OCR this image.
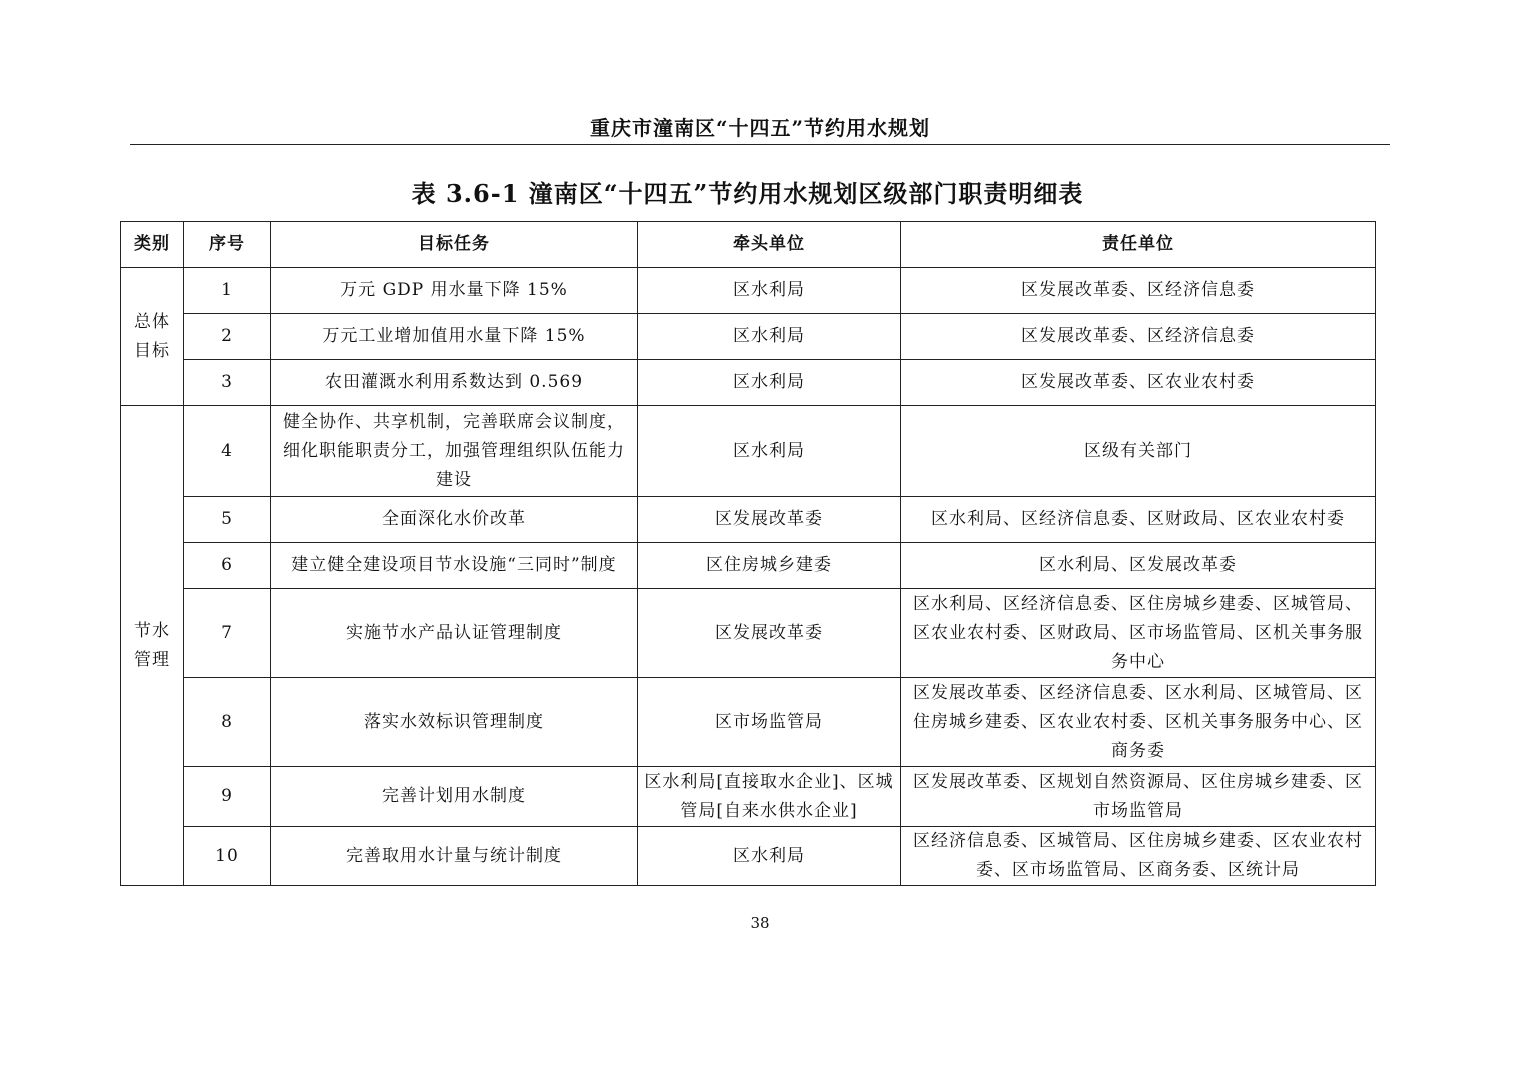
重庆市潼南区“十四五”节约用水规划
表 3.6-1 潼南区“十四五”节约用水规划区级部门职责明细表
类别	序号	目标任务	牵头单位	责任单位
总体目标	1	万元 GDP 用水量下降 15%	区水利局	区发展改革委、区经济信息委
	2	万元工业增加值用水量下降 15%	区水利局	区发展改革委、区经济信息委
	3	农田灌溉水利用系数达到 0.569	区水利局	区发展改革委、区农业农村委
节水管理	4	健全协作、共享机制，完善联席会议制度，细化职能职责分工，加强管理组织队伍能力建设	区水利局	区级有关部门
	5	全面深化水价改革	区发展改革委	区水利局、区经济信息委、区财政局、区农业农村委
	6	建立健全建设项目节水设施“三同时”制度	区住房城乡建委	区水利局、区发展改革委
	7	实施节水产品认证管理制度	区发展改革委	区水利局、区经济信息委、区住房城乡建委、区城管局、区农业农村委、区财政局、区市场监管局、区机关事务服务中心
	8	落实水效标识管理制度	区市场监管局	区发展改革委、区经济信息委、区水利局、区城管局、区住房城乡建委、区农业农村委、区机关事务服务中心、区商务委
	9	完善计划用水制度	区水利局[直接取水企业]、区城管局[自来水供水企业]	区发展改革委、区规划自然资源局、区住房城乡建委、区市场监管局
	10	完善取用水计量与统计制度	区水利局	区经济信息委、区城管局、区住房城乡建委、区农业农村委、区市场监管局、区商务委、区统计局
38
